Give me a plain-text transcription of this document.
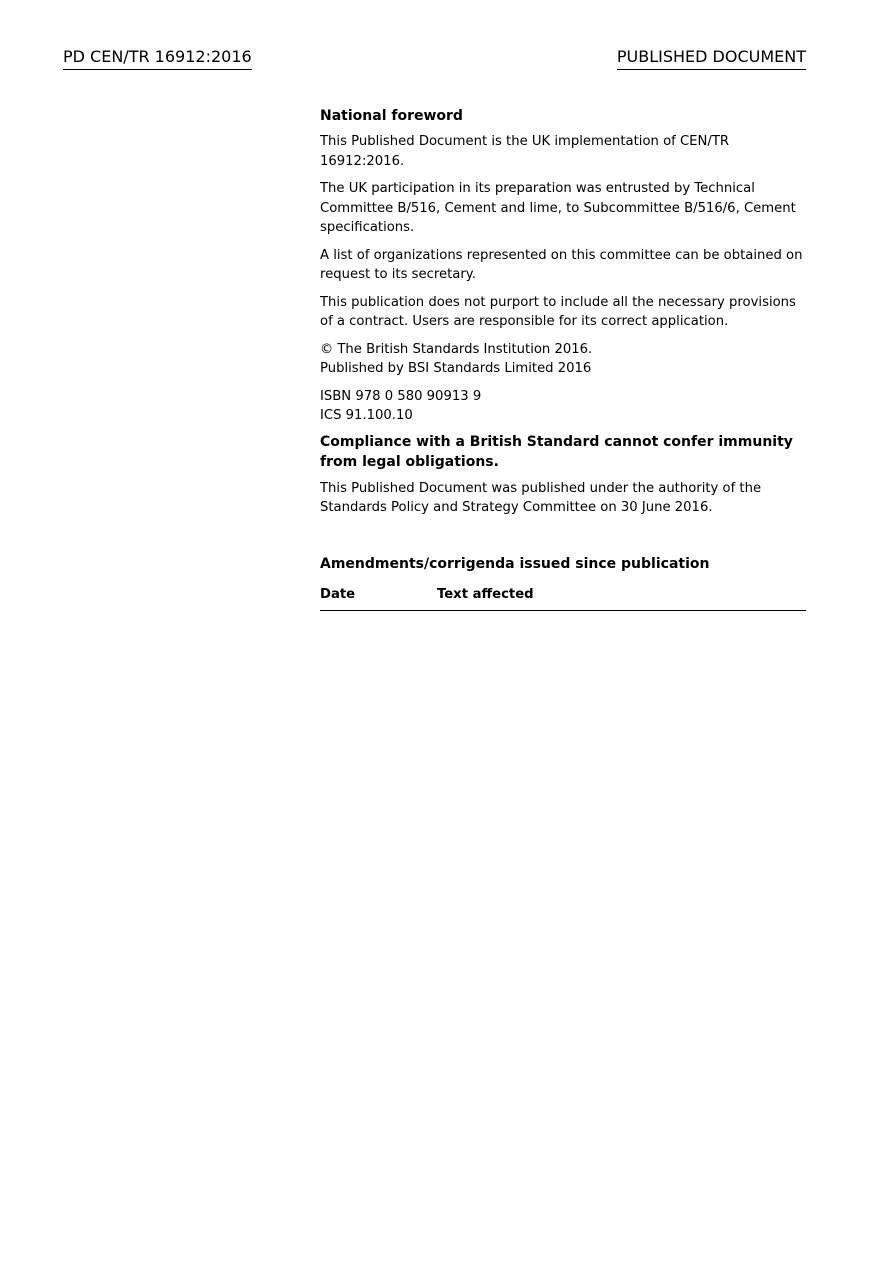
PD CEN/TR 16912:2016	PUBLISHED DOCUMENT
National foreword

This Published Document is the UK implementation of CEN/TR 16912:2016.

The UK participation in its preparation was entrusted by Technical Committee B/516, Cement and lime, to Subcommittee B/516/6, Cement specifications.

A list of organizations represented on this committee can be obtained on request to its secretary.

This publication does not purport to include all the necessary provisions of a contract. Users are responsible for its correct application.

© The British Standards Institution 2016.
Published by BSI Standards Limited 2016

ISBN 978 0 580 90913 9
ICS 91.100.10

Compliance with a British Standard cannot confer immunity from legal obligations.

This Published Document was published under the authority of the Standards Policy and Strategy Committee on 30 June 2016.

Amendments/corrigenda issued since publication
Date	Text affected
